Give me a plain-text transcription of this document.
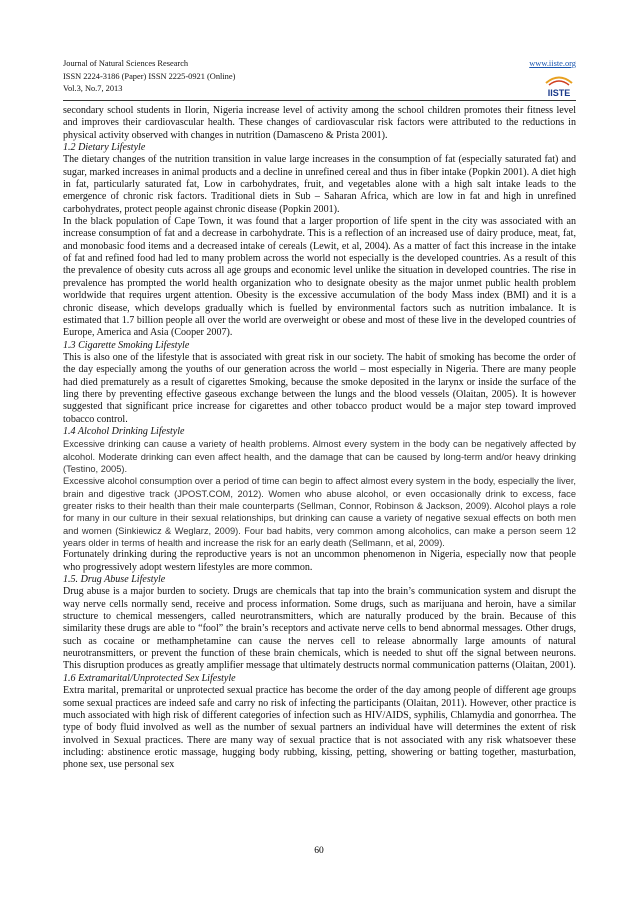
Journal of Natural Sciences Research
ISSN 2224-3186 (Paper) ISSN 2225-0921 (Online)
Vol.3, No.7, 2013
www.iiste.org
IISTE

secondary school students in Ilorin, Nigeria increase level of activity among the school children promotes their fitness level and improves their cardiovascular health. These changes of cardiovascular risk factors were attributed to the reductions in physical activity observed with changes in nutrition (Damasceno & Prista 2001).

1.2 Dietary Lifestyle

The dietary changes of the nutrition transition in value large increases in the consumption of fat (especially saturated fat) and sugar, marked increases in animal products and a decline in unrefined cereal and thus in fiber intake (Popkin 2001). A diet high in fat, particularly saturated fat, Low in carbohydrates, fruit, and vegetables alone with a high salt intake leads to the emergence of chronic risk factors. Traditional diets in Sub – Saharan Africa, which are low in fat and high in unrefined carbohydrates, protect people against chronic disease (Popkin 2001).

In the black population of Cape Town, it was found that a larger proportion of life spent in the city was associated with an increase consumption of fat and a decrease in carbohydrate. This is a reflection of an increased use of dairy produce, meat, fat, and monobasic food items and a decreased intake of cereals (Lewit, et al, 2004). As a matter of fact this increase in the intake of fat and refined food had led to many problem across the world not especially is the developed countries. As a result of this the prevalence of obesity cuts across all age groups and economic level unlike the situation in developed countries. The rise in prevalence has prompted the world health organization who to designate obesity as the major unmet public health problem worldwide that requires urgent attention. Obesity is the excessive accumulation of the body Mass index (BMI) and it is a chronic disease, which develops gradually which is fuelled by environmental factors such as nutrition imbalance. It is estimated that 1.7 billion people all over the world are overweight or obese and most of these live in the developed countries of Europe, America and Asia (Cooper 2007).

1.3 Cigarette Smoking Lifestyle

This is also one of the lifestyle that is associated with great risk in our society. The habit of smoking has become the order of the day especially among the youths of our generation across the world – most especially in Nigeria. There are many people had died prematurely as a result of cigarettes Smoking, because the smoke deposited in the larynx or inside the surface of the ling there by preventing effective gaseous exchange between the lungs and the blood vessels (Olaitan, 2005). It is however suggested that significant price increase for cigarettes and other tobacco product would be a major step toward improved tobacco control.

1.4 Alcohol Drinking Lifestyle

Excessive drinking can cause a variety of health problems. Almost every system in the body can be negatively affected by alcohol. Moderate drinking can even affect health, and the damage that can be caused by long-term and/or heavy drinking (Testino, 2005).

Excessive alcohol consumption over a period of time can begin to affect almost every system in the body, especially the liver, brain and digestive track (JPOST.COM, 2012). Women who abuse alcohol, or even occasionally drink to excess, face greater risks to their health than their male counterparts (Sellman, Connor, Robinson & Jackson, 2009). Alcohol plays a role for many in our culture in their sexual relationships, but drinking can cause a variety of negative sexual effects on both men and women (Sinkiewicz & Weglarz, 2009). Four bad habits, very common among alcoholics, can make a person seem 12 years older in terms of health and increase the risk for an early death (Sellmann, et al, 2009).

Fortunately drinking during the reproductive years is not an uncommon phenomenon in Nigeria, especially now that people who progressively adopt western lifestyles are more common.

1.5. Drug Abuse Lifestyle

Drug abuse is a major burden to society. Drugs are chemicals that tap into the brain’s communication system and disrupt the way nerve cells normally send, receive and process information. Some drugs, such as marijuana and heroin, have a similar structure to chemical messengers, called neurotransmitters, which are naturally produced by the brain. Because of this similarity these drugs are able to “fool” the brain’s receptors and activate nerve cells to bend abnormal messages. Other drugs, such as cocaine or methamphetamine can cause the nerves cell to release abnormally large amounts of natural neurotransmitters, or prevent the function of these brain chemicals, which is needed to shut off the signal between neurons. This disruption produces as greatly amplifier message that ultimately destructs normal communication patterns (Olaitan, 2001).

1.6 Extramarital/Unprotected Sex Lifestyle

Extra marital, premarital or unprotected sexual practice has become the order of the day among people of different age groups some sexual practices are indeed safe and carry no risk of infecting the participants (Olaitan, 2011). However, other practice is much associated with high risk of different categories of infection such as HIV/AIDS, syphilis, Chlamydia and gonorrhea. The type of body fluid involved as well as the number of sexual partners an individual have will determines the extent of risk involved in Sexual practices. There are many way of sexual practice that is not associated with any risk whatsoever these including: abstinence erotic massage, hugging body rubbing, kissing, petting, showering or batting together, masturbation, phone sex, use personal sex

60
